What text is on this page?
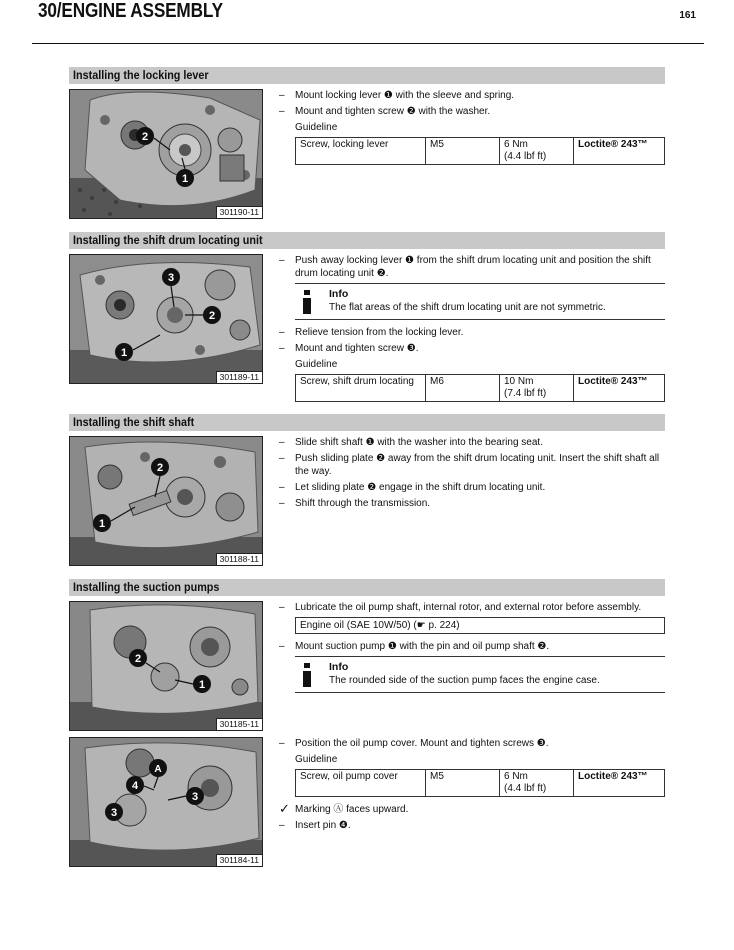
30/ENGINE ASSEMBLY	161
Installing the locking lever
2
1
301190-11
– Mount locking lever ❶ with the sleeve and spring.
– Mount and tighten screw ❷ with the washer.
Guideline
Screw, locking lever	M5	6 Nm
(4.4 lbf ft)	Loctite® 243™
Installing the shift drum locating unit
3
2
1
301189-11
– Push away locking lever ❶ from the shift drum locating unit and position the shift drum locating unit ❷.
Info
The flat areas of the shift drum locating unit are not symmetric.
– Relieve tension from the locking lever.
– Mount and tighten screw ❸.
Guideline
Screw, shift drum locating	M6	10 Nm
(7.4 lbf ft)	Loctite® 243™
Installing the shift shaft
2
1
301188-11
– Slide shift shaft ❶ with the washer into the bearing seat.
– Push sliding plate ❷ away from the shift drum locating unit. Insert the shift shaft all the way.
– Let sliding plate ❷ engage in the shift drum locating unit.
– Shift through the transmission.
Installing the suction pumps
2
1
301185-11
A
4
3
3
301184-11
– Lubricate the oil pump shaft, internal rotor, and external rotor before assembly.
Engine oil (SAE 10W/50) (☛ p. 224)
– Mount suction pump ❶ with the pin and oil pump shaft ❷.
Info
The rounded side of the suction pump faces the engine case.
– Position the oil pump cover. Mount and tighten screws ❸.
Guideline
Screw, oil pump cover	M5	6 Nm
(4.4 lbf ft)	Loctite® 243™
✓ Marking Ⓐ faces upward.
– Insert pin ❹.
